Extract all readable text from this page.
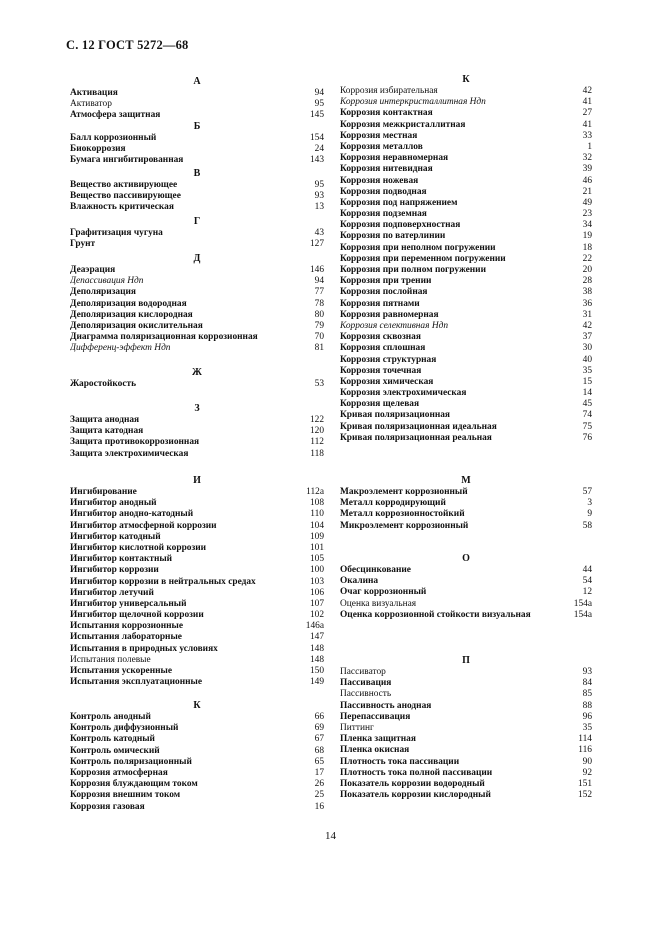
С. 12 ГОСТ 5272—68
А
Активация	94
Активатор	95
Атмосфера защитная	145
Б
Балл коррозионный	154
Биокоррозия	24
Бумага ингибитированная	143
В
Вещество активирующее	95
Вещество пассивирующее	93
Влажность критическая	13
Г
Графитизация чугуна	43
Грунт	127
Д
Деаэрация	146
Депассивация Ндп	94
Деполяризация	77
Деполяризация водородная	78
Деполяризация кислородная	80
Деполяризация окислительная	79
Диаграмма поляризационная коррозионная	70
Дифференц-эффект Ндп	81
Ж
Жаростойкость	53
З
Защита анодная	122
Защита катодная	120
Защита противокоррозионная	112
Защита электрохимическая	118
И
Ингибирование	112а
Ингибитор анодный	108
Ингибитор анодно-катодный	110
Ингибитор атмосферной коррозии	104
Ингибитор катодный	109
Ингибитор кислотной коррозии	101
Ингибитор контактный	105
Ингибитор коррозии	100
Ингибитор коррозии в нейтральных средах	103
Ингибитор летучий	106
Ингибитор универсальный	107
Ингибитор щелочной коррозии	102
Испытания коррозионные	146а
Испытания лабораторные	147
Испытания в природных условиях	148
Испытания полевые	148
Испытания ускоренные	150
Испытания эксплуатационные	149
К
Контроль анодный	66
Контроль диффузионный	69
Контроль катодный	67
Контроль омический	68
Контроль поляризационный	65
Коррозия атмосферная	17
Коррозия блуждающим током	26
Коррозия внешним током	25
Коррозия газовая	16
К
Коррозия избирательная	42
Коррозия интеркристаллитная Ндп	41
Коррозия контактная	27
Коррозия межкристаллитная	41
Коррозия местная	33
Коррозия металлов	1
Коррозия неравномерная	32
Коррозия нитевидная	39
Коррозия ножевая	46
Коррозия подводная	21
Коррозия под напряжением	49
Коррозия подземная	23
Коррозия подповерхностная	34
Коррозия по ватерлинии	19
Коррозия при неполном погружении	18
Коррозия при переменном погружении	22
Коррозия при полном погружении	20
Коррозия при трении	28
Коррозия послойная	38
Коррозия пятнами	36
Коррозия равномерная	31
Коррозия селективная Ндп	42
Коррозия сквозная	37
Коррозия сплошная	30
Коррозия структурная	40
Коррозия точечная	35
Коррозия химическая	15
Коррозия электрохимическая	14
Коррозия щелевая	45
Кривая поляризационная	74
Кривая поляризационная идеальная	75
Кривая поляризационная реальная	76
М
Макроэлемент коррозионный	57
Металл корродирующий	3
Металл коррозионностойкий	9
Микроэлемент коррозионный	58
О
Обесцинкование	44
Окалина	54
Очаг коррозионный	12
Оценка визуальная	154а
Оценка коррозионной стойкости визуальная	154а
П
Пассиватор	93
Пассивация	84
Пассивность	85
Пассивность анодная	88
Перепассивация	96
Питтинг	35
Пленка защитная	114
Пленка окисная	116
Плотность тока пассивации	90
Плотность тока полной пассивации	92
Показатель коррозии водородный	151
Показатель коррозии кислородный	152
14
